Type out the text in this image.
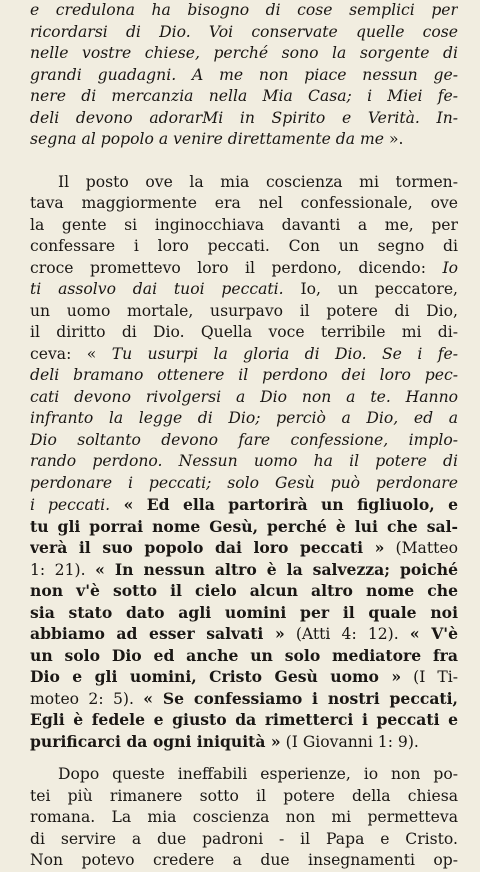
e credulona ha bisogno di cose semplici per
ricordarsi di Dio. Voi conservate quelle cose
nelle vostre chiese, perché sono la sorgente di
grandi guadagni. A me non piace nessun ge-
nere di mercanzia nella Mia Casa; i Miei fe-
deli devono adorarMi in Spirito e Verità. In-
segna al popolo a venire direttamente da me ».
Il posto ove la mia coscienza mi tormen-
tava maggiormente era nel confessionale, ove
la gente si inginocchiava davanti a me, per
confessare i loro peccati. Con un segno di
croce promettevo loro il perdono, dicendo: Io
ti assolvo dai tuoi peccati. Io, un peccatore,
un uomo mortale, usurpavo il potere di Dio,
il diritto di Dio. Quella voce terribile mi di-
ceva: « Tu usurpi la gloria di Dio. Se i fe-
deli bramano ottenere il perdono dei loro pec-
cati devono rivolgersi a Dio non a te. Hanno
infranto la legge di Dio; perciò a Dio, ed a
Dio soltanto devono fare confessione, implo-
rando perdono. Nessun uomo ha il potere di
perdonare i peccati; solo Gesù può perdonare
i peccati. « Ed ella partorirà un figliuolo, e
tu gli porrai nome Gesù, perché è lui che sal-
verà il suo popolo dai loro peccati » (Matteo
1: 21). « In nessun altro è la salvezza; poiché
non v'è sotto il cielo alcun altro nome che
sia stato dato agli uomini per il quale noi
abbiamo ad esser salvati » (Atti 4: 12). « V'è
un solo Dio ed anche un solo mediatore fra
Dio e gli uomini, Cristo Gesù uomo » (I Ti-
moteo 2: 5). « Se confessiamo i nostri peccati,
Egli è fedele e giusto da rimetterci i peccati e
purificarci da ogni iniquità » (I Giovanni 1: 9).
Dopo queste ineffabili esperienze, io non po-
tei più rimanere sotto il potere della chiesa
romana. La mia coscienza non mi permetteva
di servire a due padroni - il Papa e Cristo.
Non potevo credere a due insegnamenti op-
